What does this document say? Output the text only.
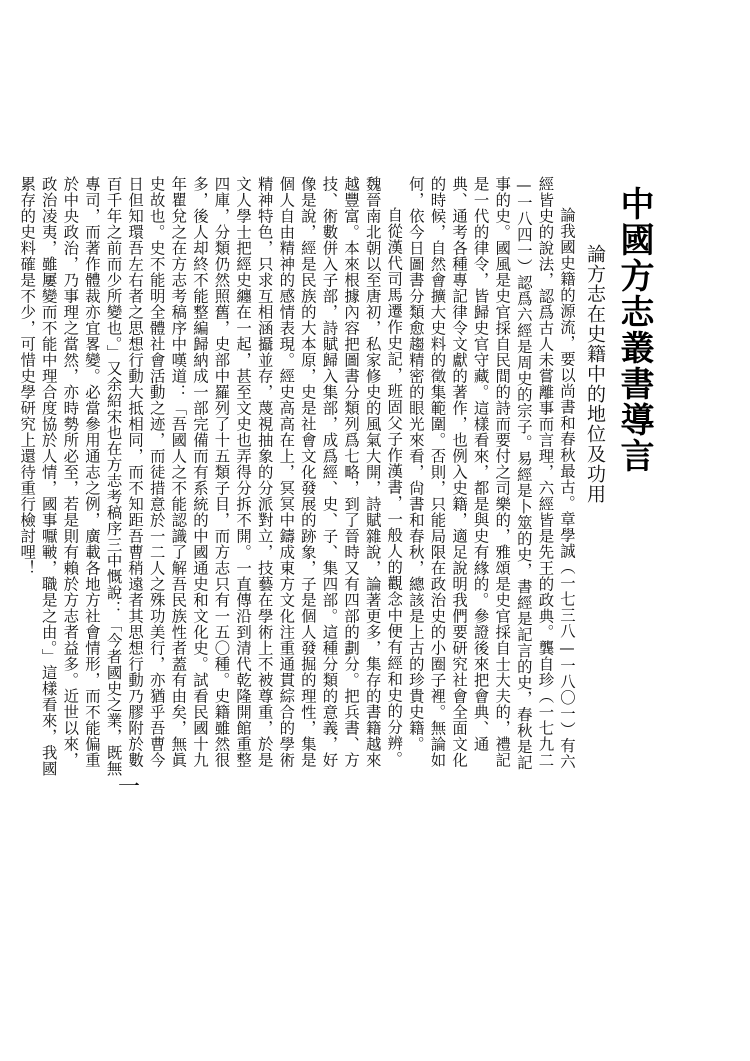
中國方志叢書導言
論方志在史籍中的地位及功用

論我國史籍的源流，要以尚書和春秋最古。章學誠（一七三八—一八〇一）有六經皆史的說法，認爲古人未嘗離事而言理，六經皆是先王的政典。龔自珍（一七九二—一八四一）認爲六經是周史的宗子。易經是卜筮的史，書經是記言的史，春秋是記事的史。國風是史官採自民間的詩而要付之司樂的，雅頌是史官採自士大夫的，禮記是一代的律令，皆歸史官守藏。這樣看來，都是與史有緣的。參證後來把會典、通典、通考各種專記律令文獻的著作，也例入史籍，適足說明我們要研究社會全面文化的時候，自然會擴大史料的徵集範圍。否則，只能局限在政治史的小圈子裡。無論如何，依今日圖書分類愈趨精密的眼光來看，尙書和春秋，總該是上古的珍貴史籍。

自從漢代司馬遷作史記，班固父子作漢書，一般人的觀念中便有經和史的分辨。魏晉南北朝以至唐初，私家修史的風氣大開，詩賦雜說，論著更多，集存的書籍越來越豐富。本來根據內容把圖書分類列爲七略，到了晉時又有四部的劃分。把兵書、方技、術數併入子部，詩賦歸入集部，成爲經、史、子、集四部。這種分類的意義，好像是說，經是民族的大本原，史是社會文化發展的跡象，子是個人發掘的理性，集是個人自由精神的感情表現。經史高高在上，冥冥中鑄成東方文化注重通貫綜合的學術精神特色，只求互相涵攝並存，蔑視抽象的分派對立，技藝在學術上不被尊重，於是文人學士把經史纏在一起，甚至文史也弄得分拆不開。一直傳沿到清代乾隆開館重整四庫，分類仍然照舊，史部中羅列了十五類子目，而方志只有一五〇種。史籍雖然很多，後人却終不能整編歸納成一部完備而有系統的中國通史和文化史。試看民國十九年瞿兌之在方志考稿序中嘆道：「吾國人之不能認識了解吾民族性者蓋有由矣，無眞史故也。史不能明全體社會活動之迹，而徒措意於一二人之殊功美行，亦猶乎吾曹今日但知環吾左右者之思想行動大抵相同，而不知距吾曹稍遠者其思想行動乃膠附於數百千年之前而少所變也。」又余紹宋也在方志考稿序三中慨說：「今者國史之業，既無專司，而著作體裁亦宜畧變。必當參用通志之例，廣載各地方社會情形，而不能偏重於中央政治，乃事理之當然，亦時勢所必至，若是則有賴於方志者益多。近世以來，政治凌夷，雖屢變而不能中理合度協於人情，國事嚈皸，職是之由。」這樣看來，我國累存的史料確是不少，可惜史學研究上還待重行檢討哩！

一
